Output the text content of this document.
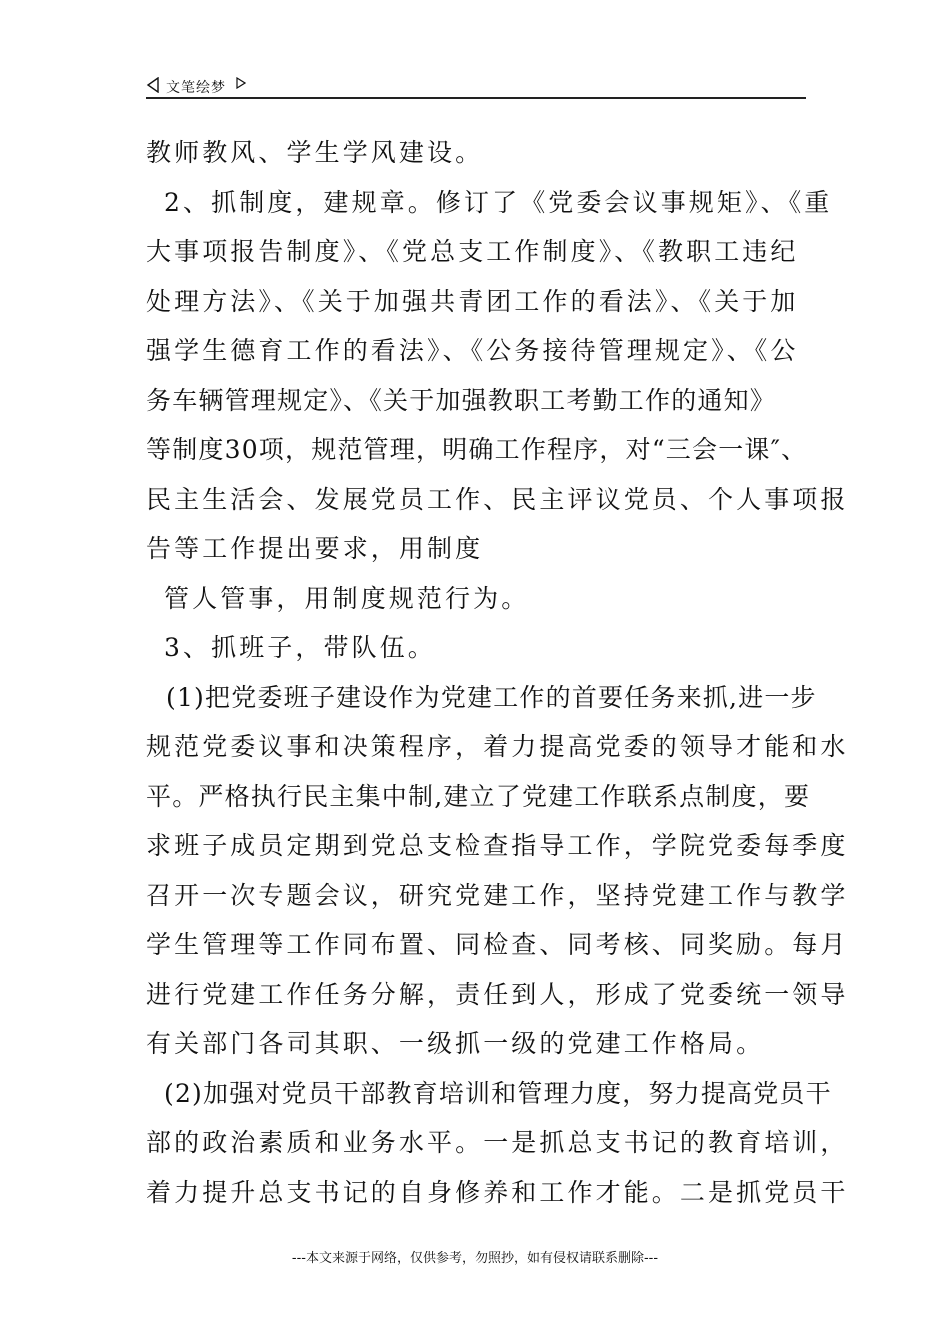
文笔绘梦
教师教风、学生学风建设。
2、抓制度，建规章。修订了《党委会议事规矩》、《重
大事项报告制度》、《党总支工作制度》、《教职工违纪
处理方法》、《关于加强共青团工作的看法》、《关于加
强学生德育工作的看法》、《公务接待管理规定》、《公
务车辆管理规定》、《关于加强教职工考勤工作的通知》
等制度30项，规范管理，明确工作程序，对“三会一课″、
民主生活会、发展党员工作、民主评议党员、个人事项报
告等工作提出要求，用制度
管人管事，用制度规范行为。
3、抓班子，带队伍。
(1)把党委班子建设作为党建工作的首要任务来抓,进一步
规范党委议事和决策程序，着力提高党委的领导才能和水
平。严格执行民主集中制,建立了党建工作联系点制度，要
求班子成员定期到党总支检查指导工作，学院党委每季度
召开一次专题会议，研究党建工作，坚持党建工作与教学
学生管理等工作同布置、同检查、同考核、同奖励。每月
进行党建工作任务分解，责任到人，形成了党委统一领导
有关部门各司其职、一级抓一级的党建工作格局。
(2)加强对党员干部教育培训和管理力度，努力提高党员干
部的政治素质和业务水平。一是抓总支书记的教育培训，
着力提升总支书记的自身修养和工作才能。二是抓党员干
---本文来源于网络，仅供参考，勿照抄，如有侵权请联系删除---
